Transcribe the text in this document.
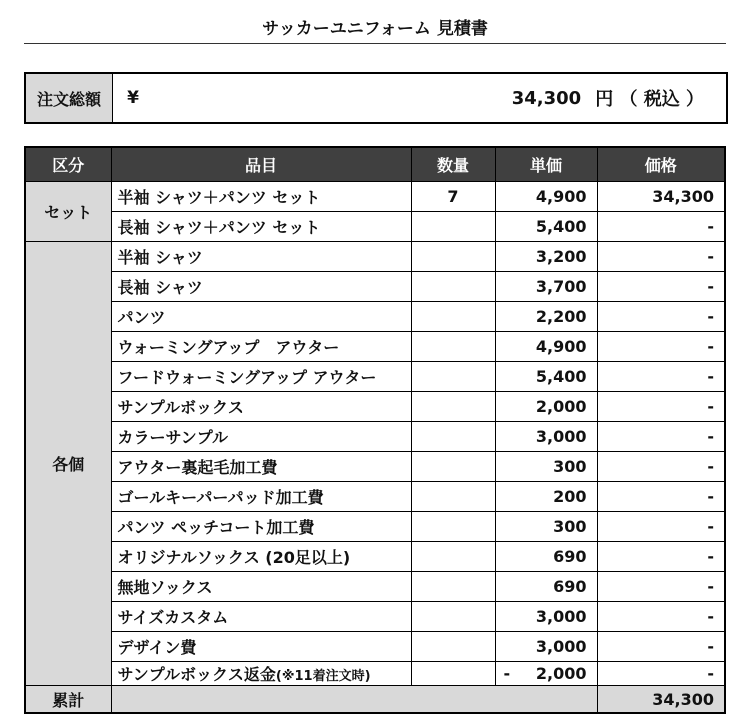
サッカーユニフォーム 見積書
注文総額	¥	34,300 円 （ 税込 ）
区分	品目	数量	単価	価格
セット	半袖 シャツ＋パンツ セット	7	4,900	34,300
	長袖 シャツ＋パンツ セット		5,400	-
各個	半袖 シャツ		3,200	-
	長袖 シャツ		3,700	-
	パンツ		2,200	-
	ウォーミングアップ　アウター		4,900	-
	フードウォーミングアップ アウター		5,400	-
	サンプルボックス		2,000	-
	カラーサンプル		3,000	-
	アウター裏起毛加工費		300	-
	ゴールキーパーパッド加工費		200	-
	パンツ ペッチコート加工費		300	-
	オリジナルソックス (20足以上)		690	-
	無地ソックス		690	-
	サイズカスタム		3,000	-
	デザイン費		3,000	-
	サンプルボックス返金(※11着注文時)		- 2,000	-
累計				34,300
